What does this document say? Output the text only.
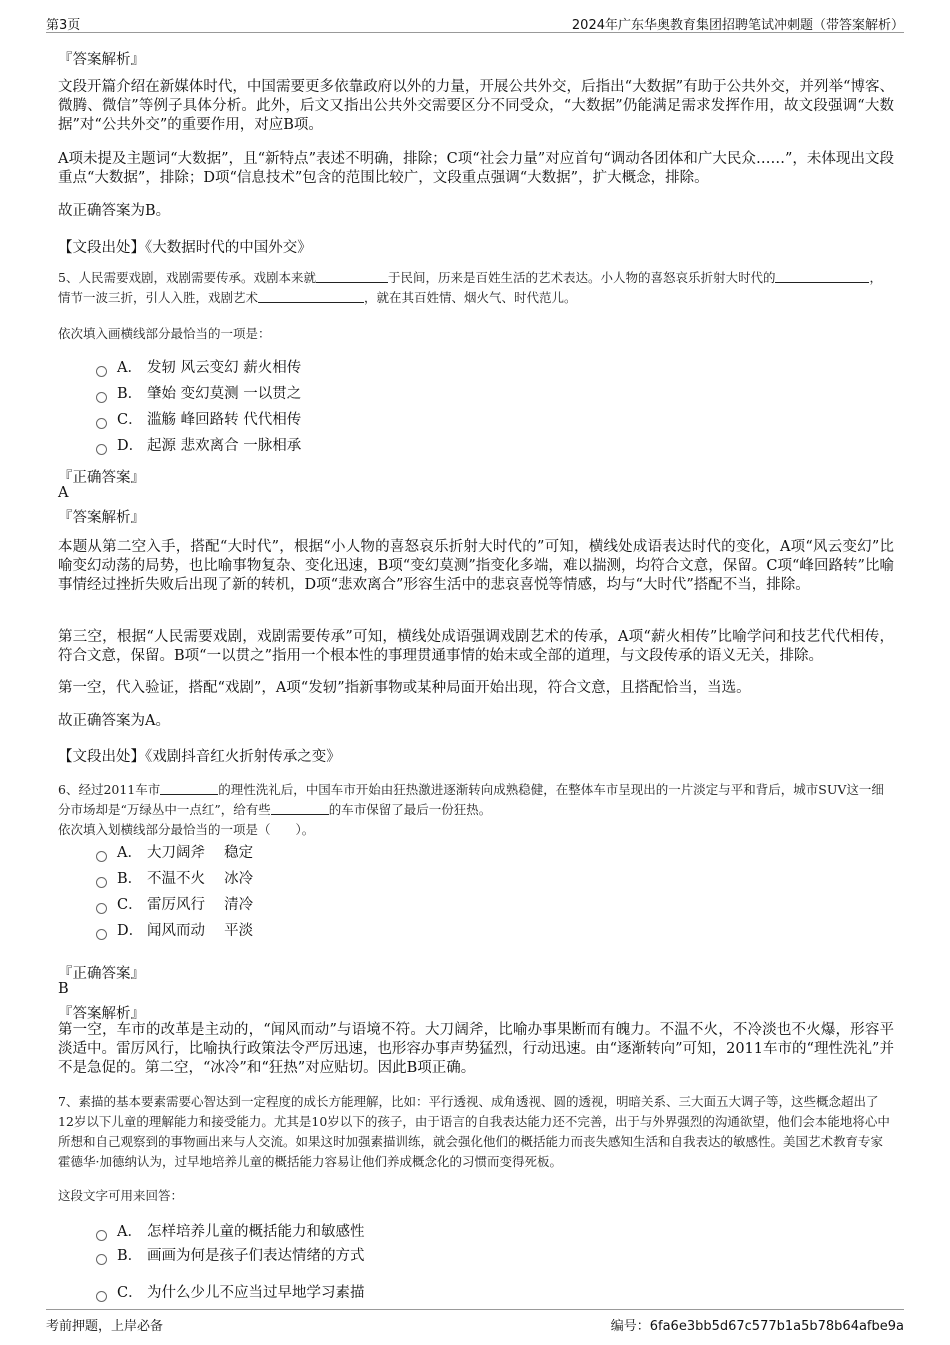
第3页	2024年广东华奥教育集团招聘笔试冲刺题（带答案解析）
『答案解析』
文段开篇介绍在新媒体时代，中国需要更多依靠政府以外的力量，开展公共外交，后指出“大数据”有助于公共外交，并列举“博客、微腾、微信”等例子具体分析。此外，后文又指出公共外交需要区分不同受众，“大数据”仍能满足需求发挥作用，故文段强调“大数据”对“公共外交”的重要作用，对应B项。
A项未提及主题词“大数据”，且“新特点”表述不明确，排除；C项“社会力量”对应首句“调动各团体和广大民众……”，未体现出文段重点“大数据”，排除；D项“信息技术”包含的范围比较广，文段重点强调“大数据”，扩大概念，排除。
故正确答案为B。
【文段出处】《大数据时代的中国外交》
5、人民需要戏剧，戏剧需要传承。戏剧本来就	于民间，历来是百姓生活的艺术表达。小人物的喜怒哀乐折射大时代的	，情节一波三折，引人入胜，戏剧艺术	，就在其百姓情、烟火气、时代范儿。
依次填入画横线部分最恰当的一项是：
A． 发轫 风云变幻 薪火相传
B． 肇始 变幻莫测 一以贯之
C． 滥觞 峰回路转 代代相传
D． 起源 悲欢离合 一脉相承
『正确答案』
A
『答案解析』
本题从第二空入手，搭配“大时代”，根据“小人物的喜怒哀乐折射大时代的”可知，横线处成语表达时代的变化，A项“风云变幻”比喻变幻动荡的局势，也比喻事物复杂、变化迅速，B项“变幻莫测”指变化多端，难以揣测，均符合文意，保留。C项“峰回路转”比喻事情经过挫折失败后出现了新的转机，D项“悲欢离合”形容生活中的悲哀喜悦等情感，均与“大时代”搭配不当，排除。
第三空，根据“人民需要戏剧，戏剧需要传承”可知，横线处成语强调戏剧艺术的传承，A项“薪火相传”比喻学问和技艺代代相传，符合文意，保留。B项“一以贯之”指用一个根本性的事理贯通事情的始末或全部的道理，与文段传承的语义无关，排除。
第一空，代入验证，搭配“戏剧”，A项“发轫”指新事物或某种局面开始出现，符合文意，且搭配恰当，当选。
故正确答案为A。
【文段出处】《戏剧抖音红火折射传承之变》
6、经过2011车市	的理性洗礼后，中国车市开始由狂热激进逐渐转向成熟稳健，在整体车市呈现出的一片淡定与平和背后，城市SUV这一细分市场却是“万绿丛中一点红”，给有些	的车市保留了最后一份狂热。
依次填入划横线部分最恰当的一项是（　　）。
A． 大刀阔斧　 稳定
B． 不温不火　 冰冷
C． 雷厉风行　 清冷
D． 闻风而动　 平淡
『正确答案』
B
『答案解析』
第一空，车市的改革是主动的，“闻风而动”与语境不符。大刀阔斧，比喻办事果断而有魄力。不温不火，不冷淡也不火爆，形容平淡适中。雷厉风行，比喻执行政策法令严厉迅速，也形容办事声势猛烈，行动迅速。由“逐渐转向”可知，2011车市的“理性洗礼”并不是急促的。第二空，“冰冷”和“狂热”对应贴切。因此B项正确。
7、素描的基本要素需要心智达到一定程度的成长方能理解，比如：平行透视、成角透视、圆的透视，明暗关系、三大面五大调子等，这些概念超出了12岁以下儿童的理解能力和接受能力。尤其是10岁以下的孩子，由于语言的自我表达能力还不完善，出于与外界强烈的沟通欲望，他们会本能地将心中所想和自己观察到的事物画出来与人交流。如果这时加强素描训练，就会强化他们的概括能力而丧失感知生活和自我表达的敏感性。美国艺术教育专家霍德华·加德纳认为，过早地培养儿童的概括能力容易让他们养成概念化的习惯而变得死板。
这段文字可用来回答：
A． 怎样培养儿童的概括能力和敏感性
B． 画画为何是孩子们表达情绪的方式
C． 为什么少儿不应当过早地学习素描
考前押题，上岸必备	编号：6fa6e3bb5d67c577b1a5b78b64afbe9a
